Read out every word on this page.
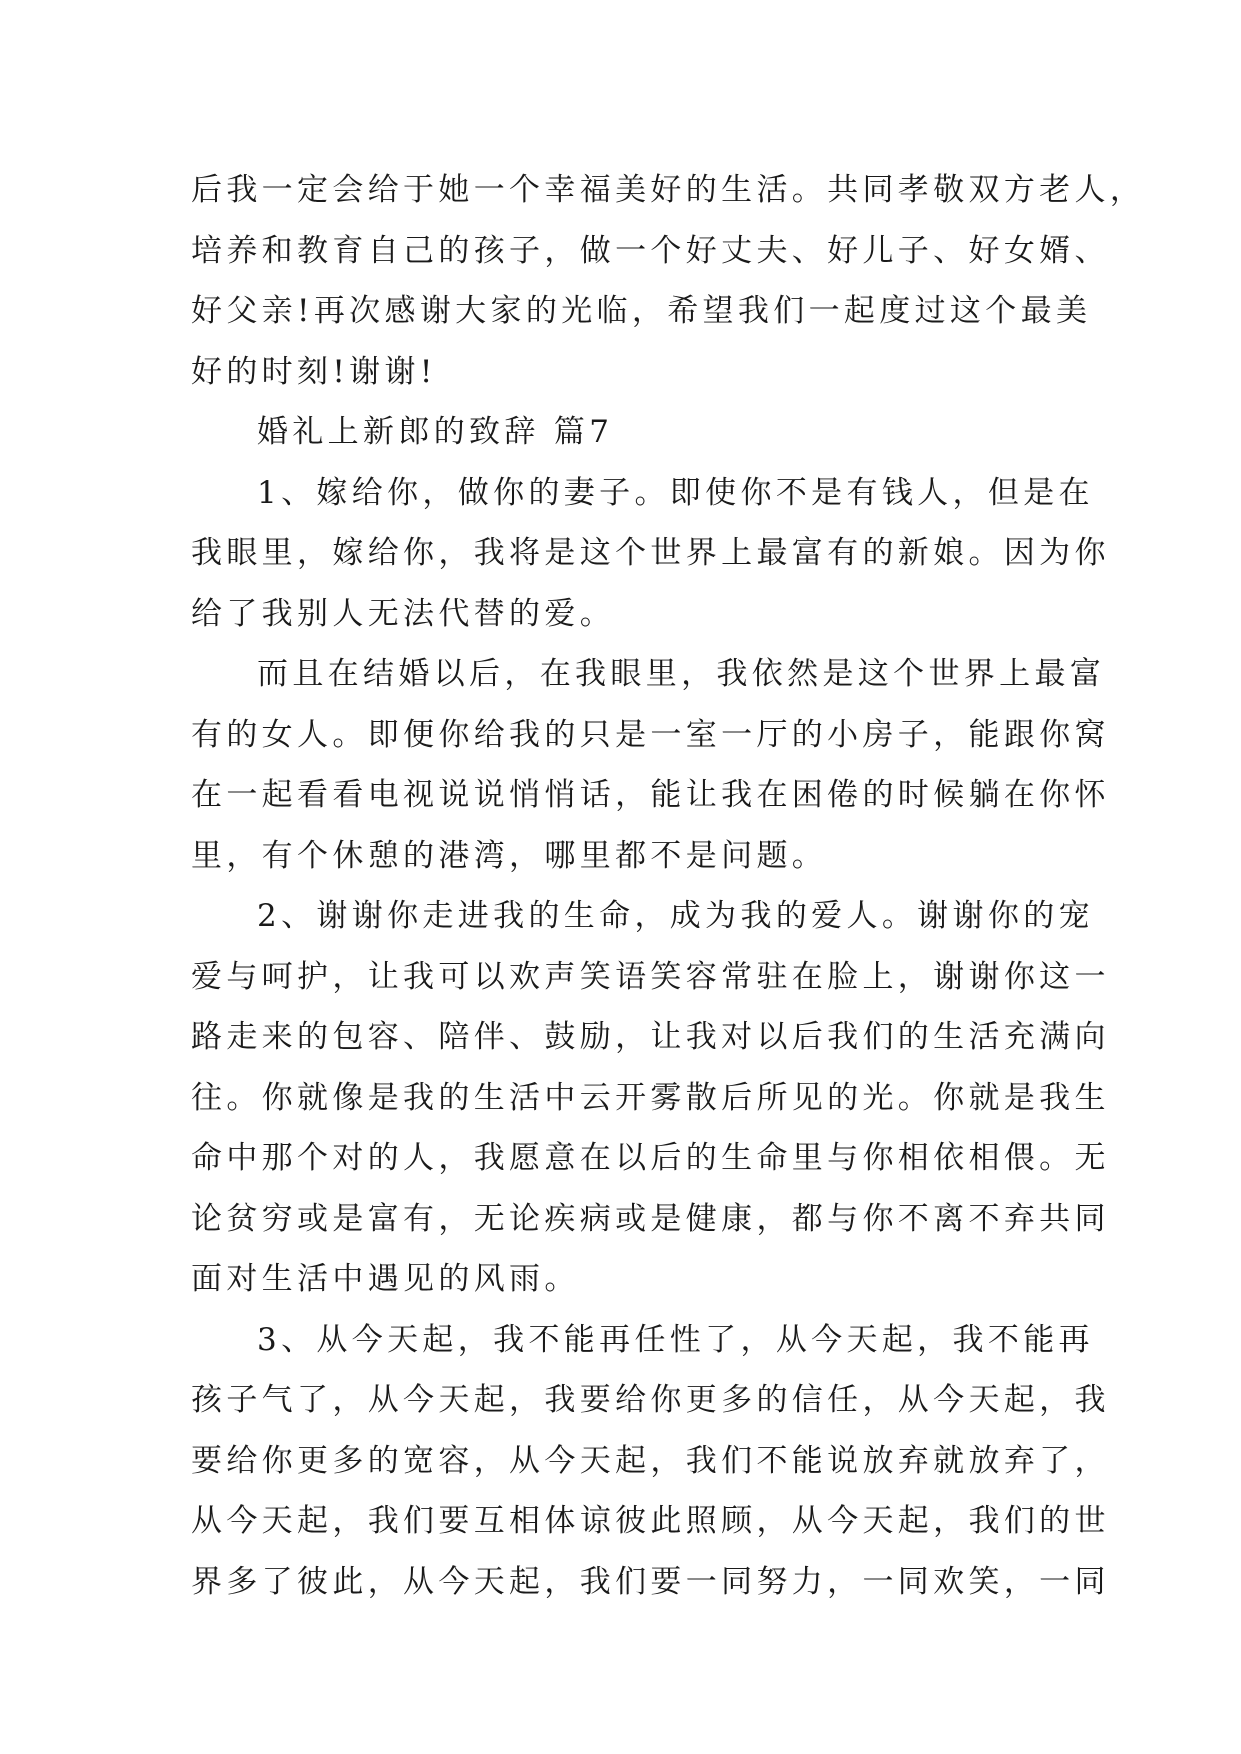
后我一定会给于她一个幸福美好的生活。共同孝敬双方老人，

培养和教育自己的孩子，做一个好丈夫、好儿子、好女婿、

好父亲!再次感谢大家的光临，希望我们一起度过这个最美

好的时刻!谢谢!

婚礼上新郎的致辞 篇7

1、嫁给你，做你的妻子。即使你不是有钱人，但是在

我眼里，嫁给你，我将是这个世界上最富有的新娘。因为你

给了我别人无法代替的爱。

而且在结婚以后，在我眼里，我依然是这个世界上最富

有的女人。即便你给我的只是一室一厅的小房子，能跟你窝

在一起看看电视说说悄悄话，能让我在困倦的时候躺在你怀

里，有个休憩的港湾，哪里都不是问题。

2、谢谢你走进我的生命，成为我的爱人。谢谢你的宠

爱与呵护，让我可以欢声笑语笑容常驻在脸上，谢谢你这一

路走来的包容、陪伴、鼓励，让我对以后我们的生活充满向

往。你就像是我的生活中云开雾散后所见的光。你就是我生

命中那个对的人，我愿意在以后的生命里与你相依相偎。无

论贫穷或是富有，无论疾病或是健康，都与你不离不弃共同

面对生活中遇见的风雨。

3、从今天起，我不能再任性了，从今天起，我不能再

孩子气了，从今天起，我要给你更多的信任，从今天起，我

要给你更多的宽容，从今天起，我们不能说放弃就放弃了，

从今天起，我们要互相体谅彼此照顾，从今天起，我们的世

界多了彼此，从今天起，我们要一同努力，一同欢笑，一同
